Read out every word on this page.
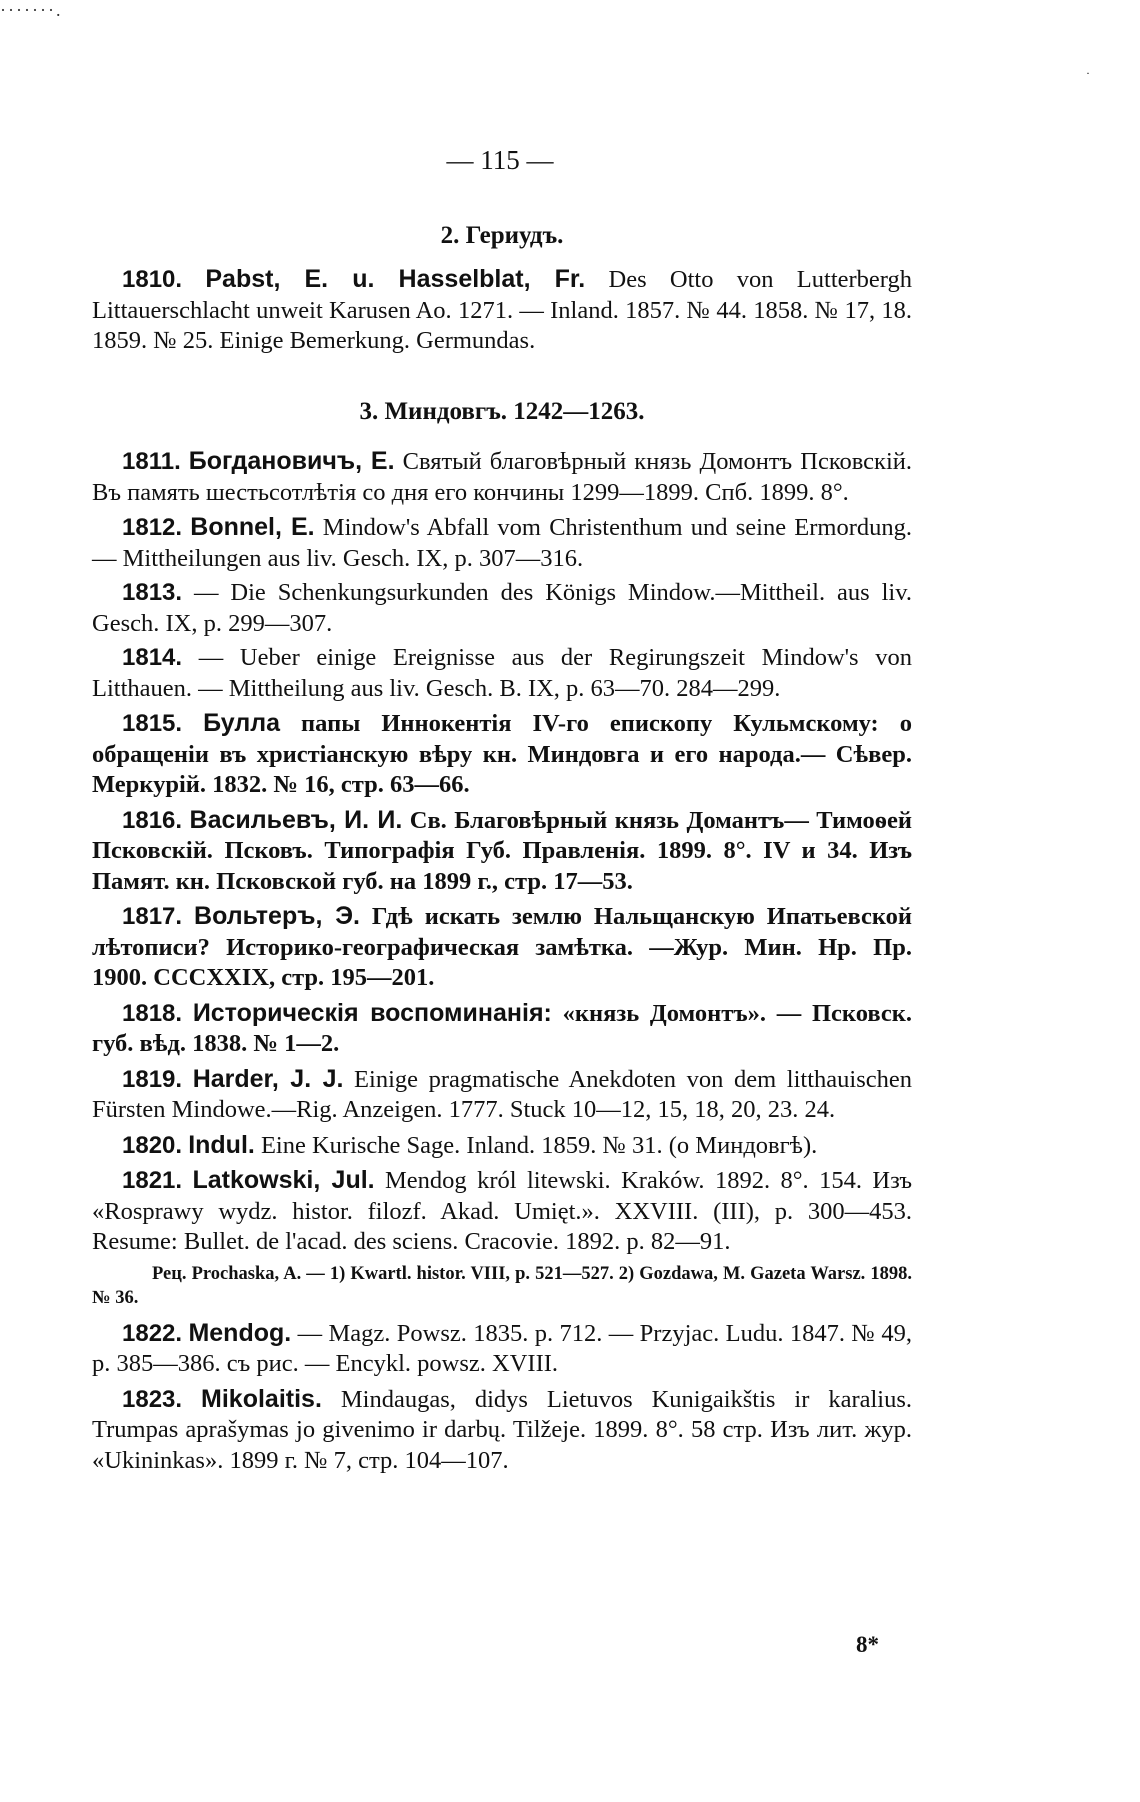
·······.
·
— 115 —
2. Гериудъ.

1810. Pabst, E. u. Hasselblat, Fr. Des Otto von Lutterbergh Littauerschlacht unweit Karusen Ao. 1271. — Inland. 1857. № 44. 1858. № 17, 18. 1859. № 25. Einige Bemerkung. Germundas.

3. Миндовгъ. 1242—1263.

1811. Богдановичъ, Е. Святый благовѣрный князь Домонтъ Псковскій. Въ память шестьсотлѣтія со дня его кончины 1299—1899. Спб. 1899. 8°.

1812. Bonnel, E. Mindow's Abfall vom Christenthum und seine Ermordung. — Mittheilungen aus liv. Gesch. IX, p. 307—316.

1813. — Die Schenkungsurkunden des Königs Mindow.—Mittheil. aus liv. Gesch. IX, p. 299—307.

1814. — Ueber einige Ereignisse aus der Regirungszeit Mindow's von Litthauen. — Mittheilung aus liv. Gesch. B. IX, p. 63—70. 284—299.

1815. Булла папы Иннокентія IV-го епископу Кульмскому: о обращеніи въ христіанскую вѣру кн. Миндовга и его народа.— Сѣвер. Меркурій. 1832. № 16, стр. 63—66.

1816. Васильевъ, И. И. Св. Благовѣрный князь Домантъ— Тимоѳей Псковскій. Псковъ. Типографія Губ. Правленія. 1899. 8°. IV и 34. Изъ Памят. кн. Псковской губ. на 1899 г., стр. 17—53.

1817. Вольтеръ, Э. Гдѣ искать землю Нальщанскую Ипатьевской лѣтописи? Историко-географическая замѣтка. —Жур. Мин. Нр. Пр. 1900. CCCXXIX, стр. 195—201.

1818. Историческія воспоминанія: «князь Домонтъ». — Псковск. губ. вѣд. 1838. № 1—2.

1819. Harder, J. J. Einige pragmatische Anekdoten von dem litthauischen Fürsten Mindowe.—Rig. Anzeigen. 1777. Stuck 10—12, 15, 18, 20, 23. 24.

1820. Indul. Eine Kurische Sage. Inland. 1859. № 31. (о Миндовгѣ).

1821. Latkowski, Jul. Mendog król litewski. Kraków. 1892. 8°. 154. Изъ «Rosprawy wydz. histor. filozf. Akad. Umięt.». XXVIII. (III), p. 300—453. Resume: Bullet. de l'acad. des sciens. Cracovie. 1892. p. 82—91.

Рец. Prochaska, A. — 1) Kwartl. histor. VIII, p. 521—527. 2) Gozdawa, M. Gazeta Warsz. 1898. № 36.

1822. Mendog. — Magz. Powsz. 1835. p. 712. — Przyjac. Ludu. 1847. № 49, p. 385—386. съ рис. — Encykl. powsz. XVIII.

1823. Mikolaitis. Mindaugas, didys Lietuvos Kunigaikštis ir karalius. Trumpas aprašymas jo givenimo ir darbų. Tilžeje. 1899. 8°. 58 стр. Изъ лит. жур. «Ukininkas». 1899 г. № 7, стр. 104—107.

8*
